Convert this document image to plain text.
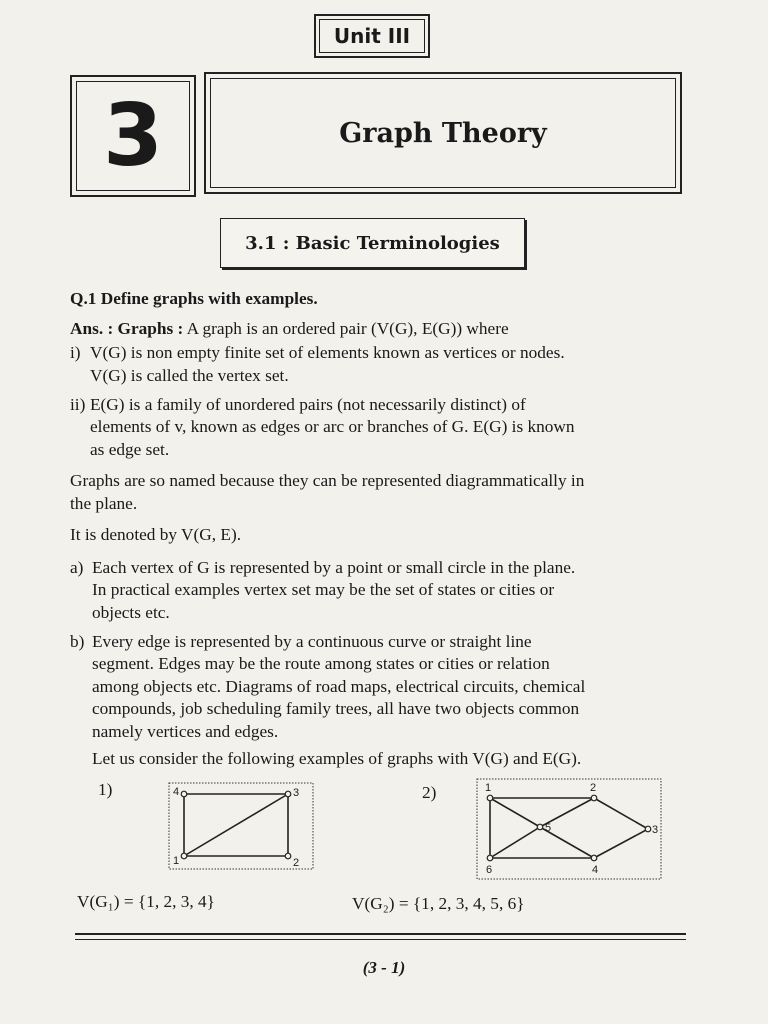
Unit III
3	Graph Theory
3.1 : Basic Terminologies
Q.1 Define graphs with examples.
Ans. : Graphs : A graph is an ordered pair (V(G), E(G)) where
i) V(G) is non empty finite set of elements known as vertices or nodes.
V(G) is called the vertex set.
ii) E(G) is a family of unordered pairs (not necessarily distinct) of
elements of v, known as edges or arc or branches of G. E(G) is known
as edge set.
Graphs are so named because they can be represented diagrammatically in
the plane.
It is denoted by V(G, E).
a) Each vertex of G is represented by a point or small circle in the plane.
In practical examples vertex set may be the set of states or cities or
objects etc.
b) Every edge is represented by a continuous curve or straight line
segment. Edges may be the route among states or cities or relation
among objects etc. Diagrams of road maps, electrical circuits, chemical
compounds, job scheduling family trees, all have two objects common
namely vertices and edges.
Let us consider the following examples of graphs with V(G) and E(G).
1)	2)
1	2
3
4	1	2
3
4
5
6
V(G₁) = {1, 2, 3, 4}	V(G₂) = {1, 2, 3, 4, 5, 6}
(3 - 1)
